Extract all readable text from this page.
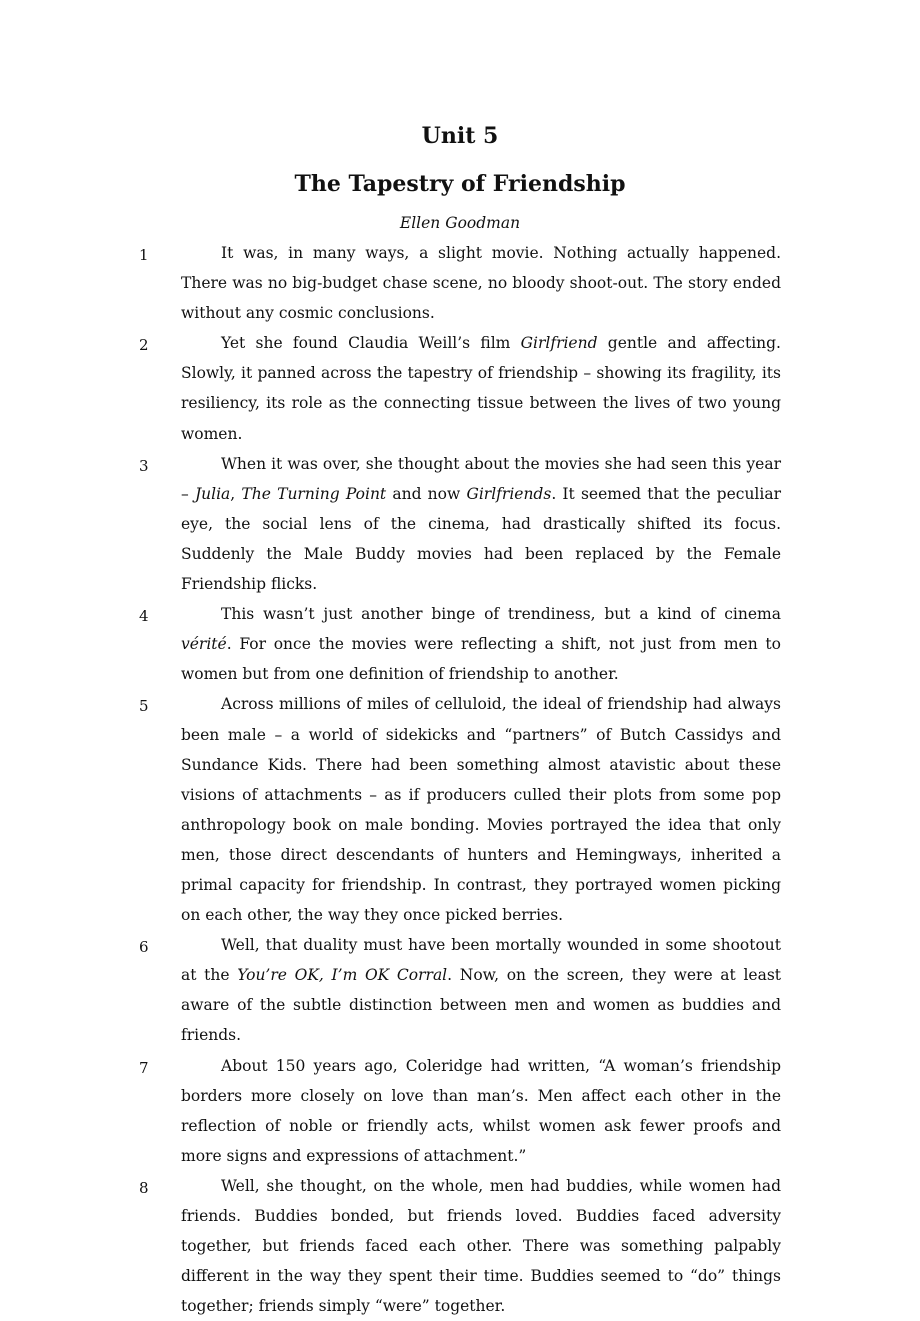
Unit 5
The Tapestry of Friendship
Ellen Goodman

1	It was, in many ways, a slight movie. Nothing actually happened. There was no big-budget chase scene, no bloody shoot-out. The story ended without any cosmic conclusions.

2	Yet she found Claudia Weill’s film Girlfriend gentle and affecting. Slowly, it panned across the tapestry of friendship – showing its fragility, its resiliency, its role as the connecting tissue between the lives of two young women.

3	When it was over, she thought about the movies she had seen this year – Julia, The Turning Point and now Girlfriends. It seemed that the peculiar eye, the social lens of the cinema, had drastically shifted its focus. Suddenly the Male Buddy movies had been replaced by the Female Friendship flicks.

4	This wasn’t just another binge of trendiness, but a kind of cinema vérité. For once the movies were reflecting a shift, not just from men to women but from one definition of friendship to another.

5	Across millions of miles of celluloid, the ideal of friendship had always been male – a world of sidekicks and “partners” of Butch Cassidys and Sundance Kids. There had been something almost atavistic about these visions of attachments – as if producers culled their plots from some pop anthropology book on male bonding. Movies portrayed the idea that only men, those direct descendants of hunters and Hemingways, inherited a primal capacity for friendship. In contrast, they portrayed women picking on each other, the way they once picked berries.

6	Well, that duality must have been mortally wounded in some shootout at the You’re OK, I’m OK Corral. Now, on the screen, they were at least aware of the subtle distinction between men and women as buddies and friends.

7	About 150 years ago, Coleridge had written, “A woman’s friendship borders more closely on love than man’s. Men affect each other in the reflection of noble or friendly acts, whilst women ask fewer proofs and more signs and expressions of attachment.”

8	Well, she thought, on the whole, men had buddies, while women had friends. Buddies bonded, but friends loved. Buddies faced adversity together, but friends faced each other. There was something palpably different in the way they spent their time. Buddies seemed to “do” things together; friends simply “were” together.
